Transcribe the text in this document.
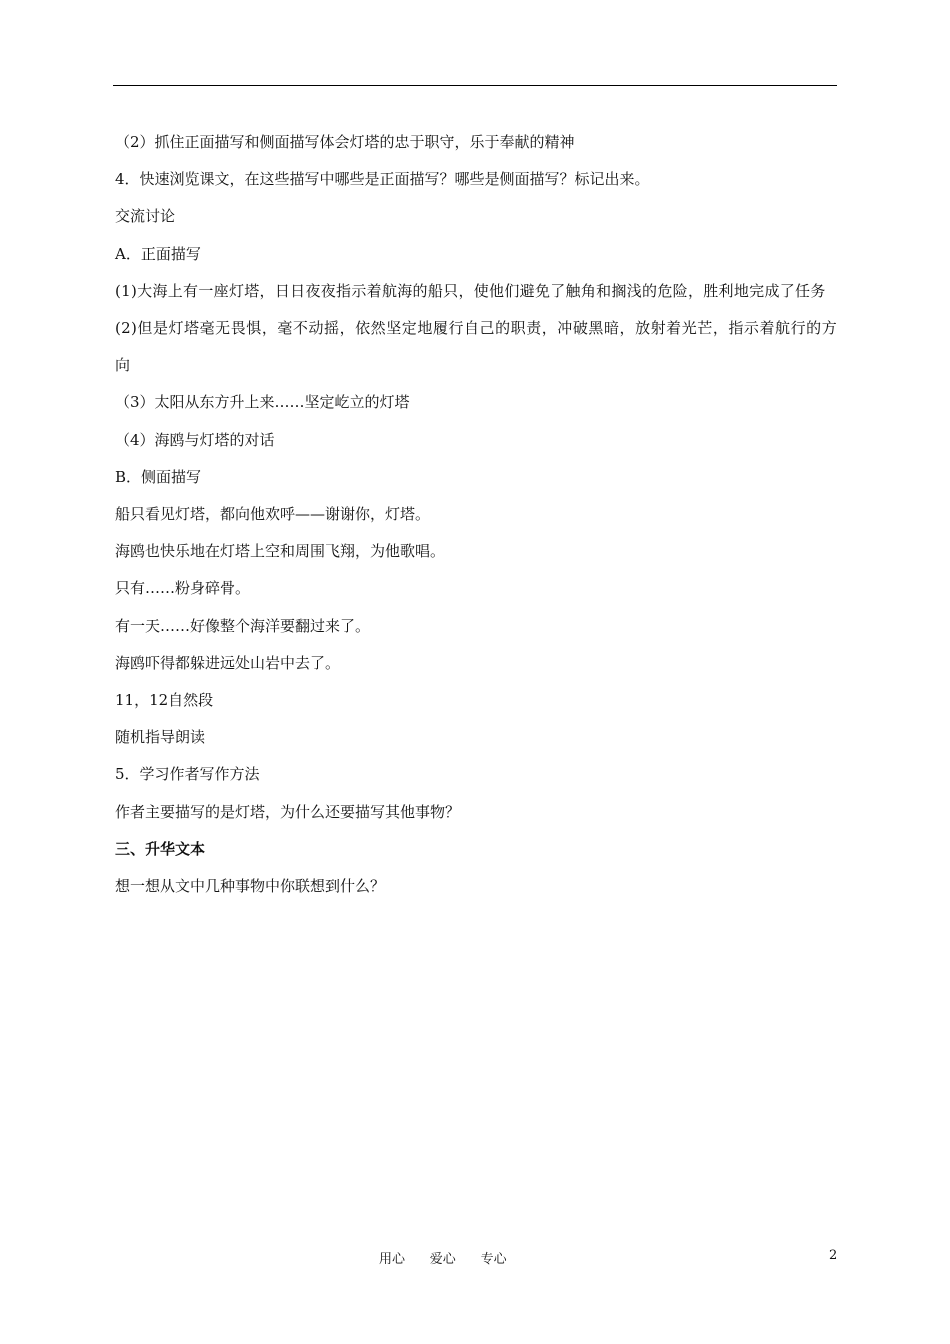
（2）抓住正面描写和侧面描写体会灯塔的忠于职守，乐于奉献的精神
4．快速浏览课文，在这些描写中哪些是正面描写？哪些是侧面描写？标记出来。
交流讨论
A．正面描写
(1)大海上有一座灯塔，日日夜夜指示着航海的船只，使他们避免了触角和搁浅的危险，胜利地完成了任务
(2)但是灯塔毫无畏惧，毫不动摇，依然坚定地履行自己的职责，冲破黑暗，放射着光芒，指示着航行的方向
（3）太阳从东方升上来……坚定屹立的灯塔
（4）海鸥与灯塔的对话
B．侧面描写
船只看见灯塔，都向他欢呼——谢谢你，灯塔。
海鸥也快乐地在灯塔上空和周围飞翔，为他歌唱。
只有……粉身碎骨。
有一天……好像整个海洋要翻过来了。
海鸥吓得都躲进远处山岩中去了。
11，12自然段
随机指导朗读
5．学习作者写作方法
作者主要描写的是灯塔，为什么还要描写其他事物？
三、升华文本
想一想从文中几种事物中你联想到什么？
用心      爱心      专心	2
